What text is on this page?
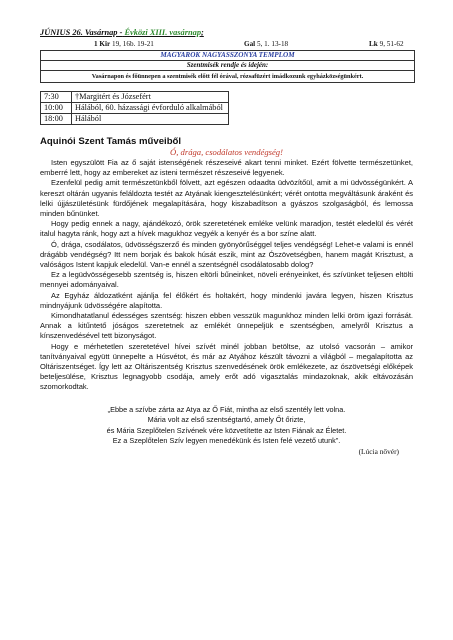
JÚNIUS 26. Vasárnap - Évközi XIII. vasárnap;
1 Kir 19, 16b. 19-21	Gal 5, 1. 13-18	Lk 9, 51-62
MAGYAROK NAGYASSZONYA TEMPLOM
Szentmisék rendje és idején:
Vasárnapon és főünnepen a szentmisék előtt fél órával, rózsafüzért imádkozunk egyházközségünkért.
7:30	†Margitért és Józsefért
10:00	Hálából, 60. házassági évforduló alkalmából
18:00	Hálából
Aquinói Szent Tamás műveiből
Ó, drága, csodálatos vendégség!

Isten egyszülött Fia az ő saját istenségének részeseivé akart tenni minket. Ezért fölvette természetünket, emberré lett, hogy az embereket az isteni természet részeseivé legyenek.

Ezenfelül pedig amit természetünkből fölvett, azt egészen odaadta üdvözítőül, amit a mi üdvösségünkért. A kereszt oltárán ugyanis feláldozta testét az Atyának kiengesztelésünkért; vérét ontotta megváltásunk áraként és lelki újjászületésünk fürdőjének megalapítására, hogy kiszabadítson a gyászos szolgaságból, és lemossa minden bűnünket.

Hogy pedig ennek a nagy, ajándékozó, örök szeretetének emléke velünk maradjon, testét eledelül és vérét italul hagyta ránk, hogy azt a hívek magukhoz vegyék a kenyér és a bor színe alatt.

Ó, drága, csodálatos, üdvösségszerző és minden gyönyörűséggel teljes vendégség! Lehet-e valami is ennél drágább vendégség? Itt nem borjak és bakok húsát eszik, mint az Ószövetségben, hanem magát Krisztust, a valóságos Istent kapjuk eledelül. Van-e ennél a szentségnél csodálatosabb dolog?

Ez a legüdvösségesebb szentség is, hiszen eltörli bűneinket, növeli erényeinket, és szívünket teljesen eltölti mennyei adományaival.

Az Egyház áldozatként ajánlja fel élőkért és holtakért, hogy mindenki javára legyen, hiszen Krisztus mindnyájunk üdvösségére alapította.

Kimondhatatlanul édességes szentség: hiszen ebben vesszük magunkhoz minden lelki öröm igazi forrását. Annak a kitűntető jóságos szeretetnek az emlékét ünnepeljük e szentségben, amelyről Krisztus a kínszenvedésével tett bizonyságot.

Hogy e mérhetetlen szeretetével hívei szívét minél jobban betöltse, az utolsó vacsorán – amikor tanítványaival együtt ünnepelte a Húsvétot, és már az Atyához készült távozni a világból – megalapította az Oltáriszentséget. Így lett az Oltáriszentség Krisztus szenvedésének örök emlékezete, az ószövetségi előképek beteljesülése, Krisztus legnagyobb csodája, amely erőt adó vigasztalás mindazoknak, akik eltávozásán szomorkodtak.

„Ebbe a szívbe zárta az Atya az Ő Fiát, mintha az első szentély lett volna.
Mária volt az első szentségtartó, amely Őt őrizte,
és Mária Szeplőtelen Szívének vére közvetítette az Isten Fiának az Életet.
Ez a Szeplőtelen Szív legyen menedékünk és Isten felé vezető utunk”.
(Lúcia nővér)
